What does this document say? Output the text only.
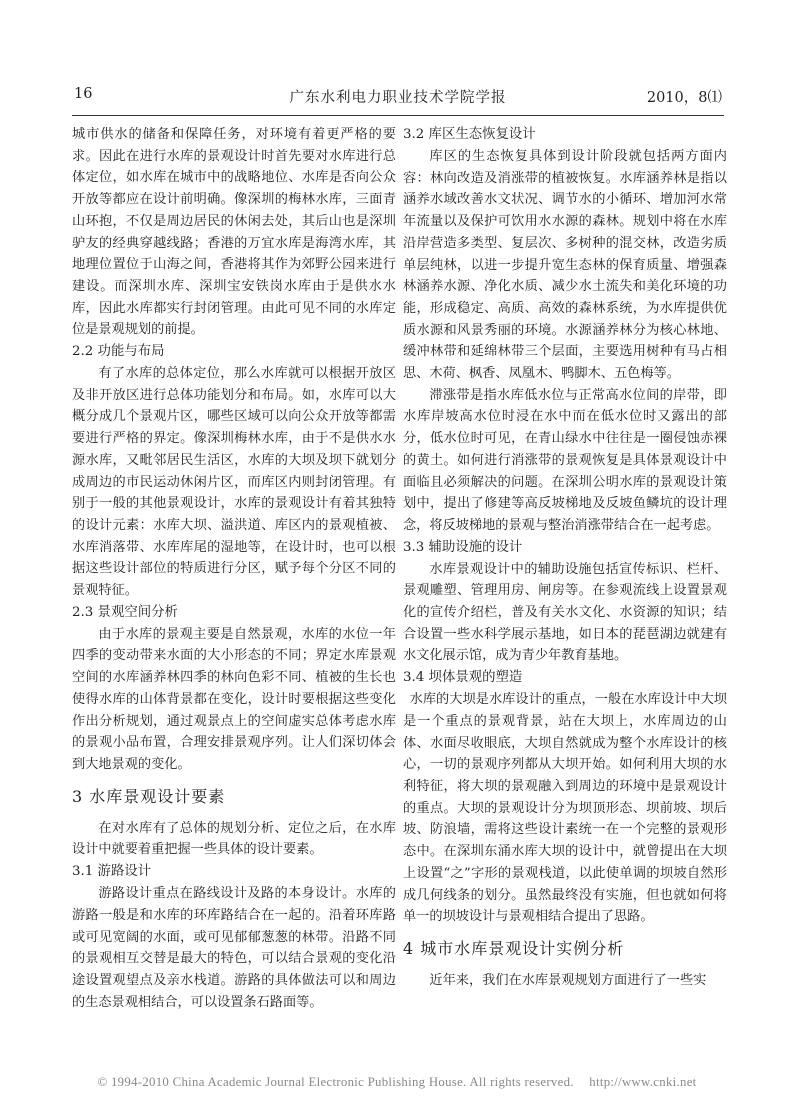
16	广东水利电力职业技术学院学报	2010，8⑴

城市供水的储备和保障任务，对环境有着更严格的要求。因此在进行水库的景观设计时首先要对水库进行总体定位，如水库在城市中的战略地位、水库是否向公众开放等都应在设计前明确。像深圳的梅林水库，三面青山环抱，不仅是周边居民的休闲去处，其后山也是深圳驴友的经典穿越线路；香港的万宜水库是海湾水库，其地理位置位于山海之间，香港将其作为郊野公园来进行建设。而深圳水库、深圳宝安铁岗水库由于是供水水库，因此水库都实行封闭管理。由此可见不同的水库定位是景观规划的前提。

2.2 功能与布局

有了水库的总体定位，那么水库就可以根据开放区及非开放区进行总体功能划分和布局。如，水库可以大概分成几个景观片区，哪些区域可以向公众开放等都需要进行严格的界定。像深圳梅林水库，由于不是供水水源水库，又毗邻居民生活区，水库的大坝及坝下就划分成周边的市民运动休闲片区，而库区内则封闭管理。有别于一般的其他景观设计，水库的景观设计有着其独特的设计元素：水库大坝、溢洪道、库区内的景观植被、水库消落带、水库库尾的湿地等，在设计时，也可以根据这些设计部位的特质进行分区，赋予每个分区不同的景观特征。

2.3 景观空间分析

由于水库的景观主要是自然景观，水库的水位一年四季的变动带来水面的大小形态的不同；界定水库景观空间的水库涵养林四季的林向色彩不同、植被的生长也使得水库的山体背景都在变化，设计时要根据这些变化作出分析规划，通过观景点上的空间虚实总体考虑水库的景观小品布置，合理安排景观序列。让人们深切体会到大地景观的变化。

3 水库景观设计要素

在对水库有了总体的规划分析、定位之后，在水库设计中就要着重把握一些具体的设计要素。

3.1 游路设计

游路设计重点在路线设计及路的本身设计。水库的游路一般是和水库的环库路结合在一起的。沿着环库路或可见宽阔的水面，或可见郁郁葱葱的林带。沿路不同的景观相互交替是最大的特色，可以结合景观的变化沿途设置观望点及亲水栈道。游路的具体做法可以和周边的生态景观相结合，可以设置条石路面等。

3.2 库区生态恢复设计

库区的生态恢复具体到设计阶段就包括两方面内容：林向改造及消涨带的植被恢复。水库涵养林是指以涵养水域改善水文状况、调节水的小循环、增加河水常年流量以及保护可饮用水水源的森林。规划中将在水库沿岸营造多类型、复层次、多树种的混交林，改造劣质单层纯林，以进一步提升宽生态林的保育质量、增强森林涵养水源、净化水质、减少水土流失和美化环境的功能，形成稳定、高质、高效的森林系统，为水库提供优质水源和风景秀丽的环境。水源涵养林分为核心林地、缓冲林带和延绵林带三个层面，主要选用树种有马占相思、木荷、枫香、凤凰木、鸭脚木、五色梅等。

滞涨带是指水库低水位与正常高水位间的岸带，即水库岸坡高水位时浸在水中而在低水位时又露出的部分，低水位时可见，在青山绿水中往往是一圈侵蚀赤裸的黄土。如何进行消涨带的景观恢复是具体景观设计中面临且必须解决的问题。在深圳公明水库的景观设计策划中，提出了修建等高反坡梯地及反坡鱼鳞坑的设计理念，将反坡梯地的景观与整治消涨带结合在一起考虑。

3.3 辅助设施的设计

水库景观设计中的辅助设施包括宣传标识、栏杆、景观雕塑、管理用房、闸房等。在参观流线上设置景观化的宣传介绍栏，普及有关水文化、水资源的知识；结合设置一些水科学展示基地，如日本的琵琶湖边就建有水文化展示馆，成为青少年教育基地。

3.4 坝体景观的塑造

水库的大坝是水库设计的重点，一般在水库设计中大坝是一个重点的景观背景，站在大坝上，水库周边的山体、水面尽收眼底，大坝自然就成为整个水库设计的核心，一切的景观序列都从大坝开始。如何利用大坝的水利特征，将大坝的景观融入到周边的环境中是景观设计的重点。大坝的景观设计分为坝顶形态、坝前坡、坝后坡、防浪墙，需将这些设计素统一在一个完整的景观形态中。在深圳东涌水库大坝的设计中，就曾提出在大坝上设置“之”字形的景观栈道，以此使单调的坝坡自然形成几何线条的划分。虽然最终没有实施，但也就如何将单一的坝坡设计与景观相结合提出了思路。

4 城市水库景观设计实例分析

近年来，我们在水库景观规划方面进行了一些实

© 1994-2010 China Academic Journal Electronic Publishing House. All rights reserved. http://www.cnki.net
